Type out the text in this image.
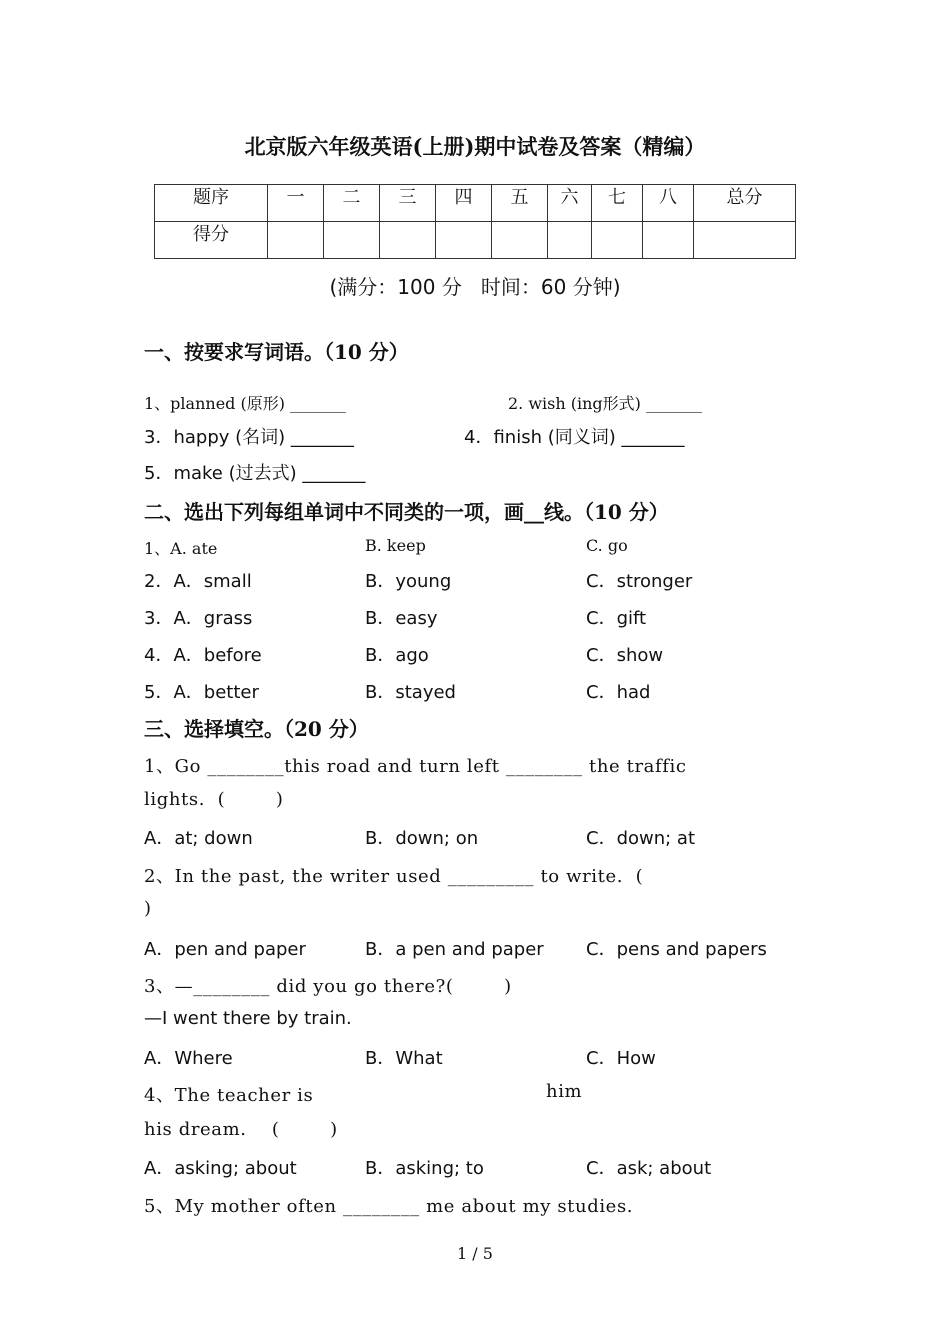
北京版六年级英语(上册)期中试卷及答案（精编）
题序	一	二	三	四	五	六	七	八	总分
得分									
(满分：100 分   时间：60 分钟)
一、按要求写词语。（10 分）
1、planned (原形) _______	2. wish (ing形式) _______
3．happy (名词) _______	4．finish (同义词) _______
5．make (过去式) _______
二、选出下列每组单词中不同类的一项，画__线。（10 分）
1、A. ate	B. keep	C. go
2．A．small	B．young	C．stronger
3．A．grass	B．easy	C．gift
4．A．before	B．ago	C．show
5．A．better	B．stayed	C．had
三、选择填空。（20 分）
1、Go ________this road and turn left ________ the traffic
lights.  (        )
A．at; down	B．down; on	C．down; at
2、In the past, the writer used _________ to write.  (
)
A．pen and paper	B．a pen and paper C．pens and papers
3、—________ did you go there?(        )
—I went there by train.
A．Where	B．What	C．How
4、The teacher is	him
his dream.    (        )
A．asking; about	B．asking; to	C．ask; about
5、My mother often ________ me about my studies.
1 / 5
